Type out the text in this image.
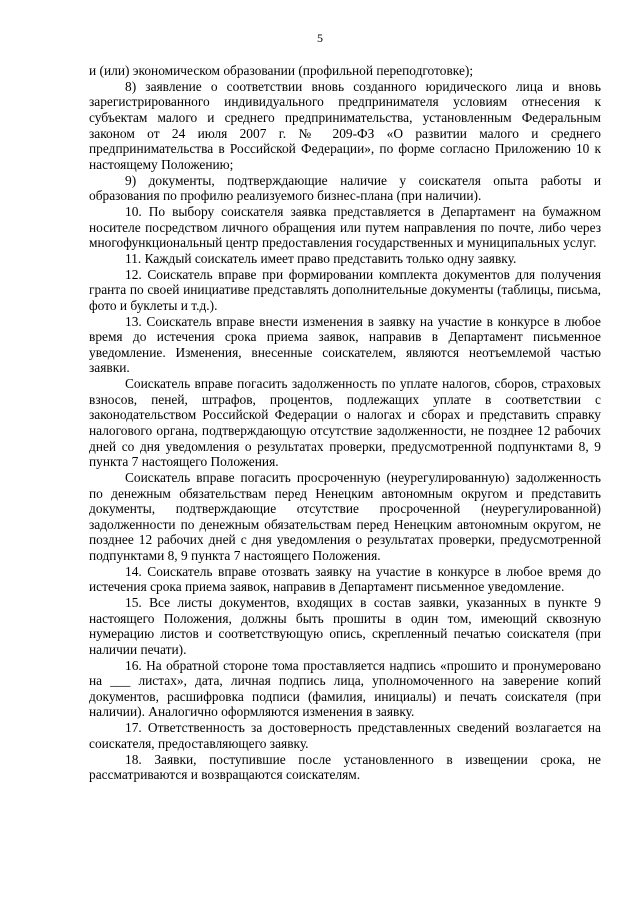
5

и (или) экономическом образовании (профильной переподготовке);

8) заявление о соответствии вновь созданного юридического лица и вновь зарегистрированного индивидуального предпринимателя условиям отнесения к субъектам малого и среднего предпринимательства, установленным Федеральным законом от 24 июля 2007 г. № 209-ФЗ «О развитии малого и среднего предпринимательства в Российской Федерации», по форме согласно Приложению 10 к настоящему Положению;

9) документы, подтверждающие наличие у соискателя опыта работы и образования по профилю реализуемого бизнес-плана (при наличии).

10. По выбору соискателя заявка представляется в Департамент на бумажном носителе посредством личного обращения или путем направления по почте, либо через многофункциональный центр предоставления государственных и муниципальных услуг.

11. Каждый соискатель имеет право представить только одну заявку.

12. Соискатель вправе при формировании комплекта документов для получения гранта по своей инициативе представлять дополнительные документы (таблицы, письма, фото и буклеты и т.д.).

13. Соискатель вправе внести изменения в заявку на участие в конкурсе в любое время до истечения срока приема заявок, направив в Департамент письменное уведомление. Изменения, внесенные соискателем, являются неотъемлемой частью заявки.

Соискатель вправе погасить задолженность по уплате налогов, сборов, страховых взносов, пеней, штрафов, процентов, подлежащих уплате в соответствии с законодательством Российской Федерации о налогах и сборах и представить справку налогового органа, подтверждающую отсутствие задолженности, не позднее 12 рабочих дней со дня уведомления о результатах проверки, предусмотренной подпунктами 8, 9 пункта 7 настоящего Положения.

Соискатель вправе погасить просроченную (неурегулированную) задолженность по денежным обязательствам перед Ненецким автономным округом и представить документы, подтверждающие отсутствие просроченной (неурегулированной) задолженности по денежным обязательствам перед Ненецким автономным округом, не позднее 12 рабочих дней с дня уведомления о результатах проверки, предусмотренной подпунктами 8, 9 пункта 7 настоящего Положения.

14. Соискатель вправе отозвать заявку на участие в конкурсе в любое время до истечения срока приема заявок, направив в Департамент письменное уведомление.

15. Все листы документов, входящих в состав заявки, указанных в пункте 9 настоящего Положения, должны быть прошиты в один том, имеющий сквозную нумерацию листов и соответствующую опись, скрепленный печатью соискателя (при наличии печати).

16. На обратной стороне тома проставляется надпись «прошито и пронумеровано на ___ листах», дата, личная подпись лица, уполномоченного на заверение копий документов, расшифровка подписи (фамилия, инициалы) и печать соискателя (при наличии). Аналогично оформляются изменения в заявку.

17. Ответственность за достоверность представленных сведений возлагается на соискателя, предоставляющего заявку.

18. Заявки, поступившие после установленного в извещении срока, не рассматриваются и возвращаются соискателям.
